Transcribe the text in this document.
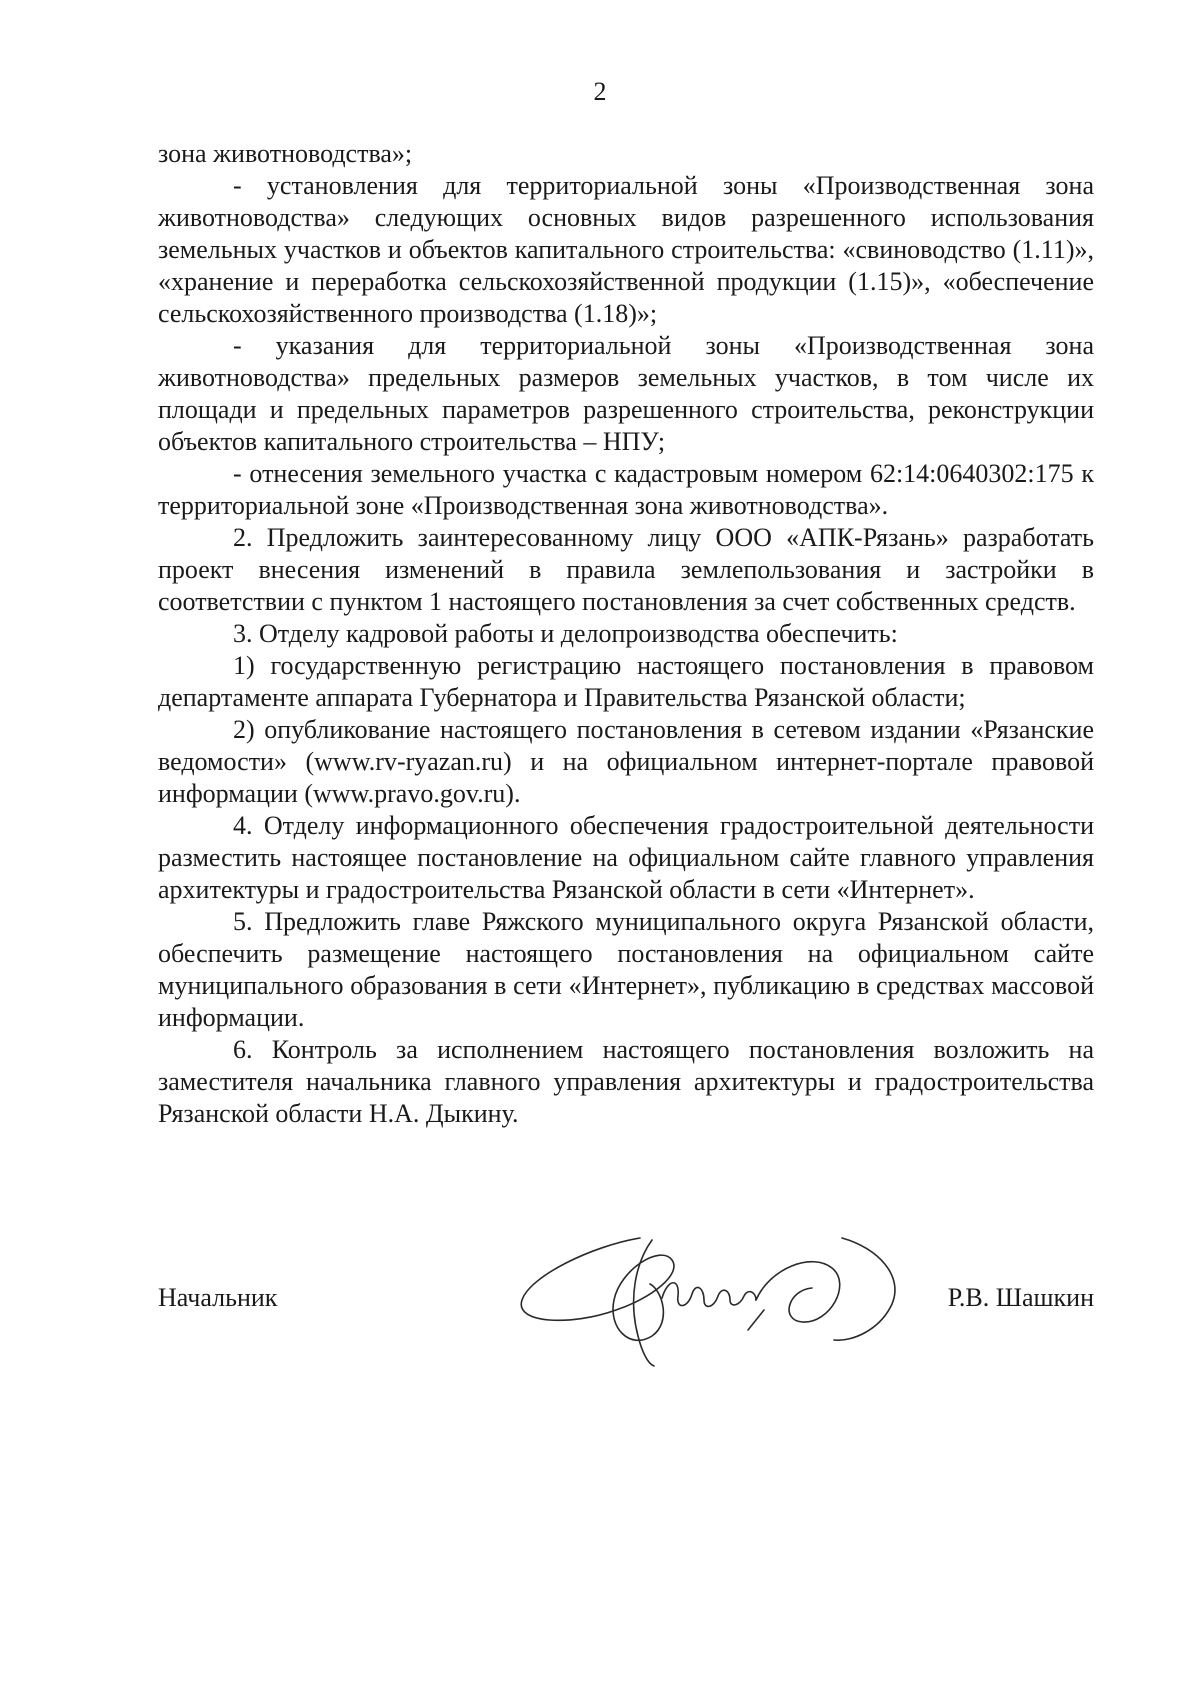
2

зона животноводства»;

- установления для территориальной зоны «Производственная зона животноводства» следующих основных видов разрешенного использования земельных участков и объектов капитального строительства: «свиноводство (1.11)», «хранение и переработка сельскохозяйственной продукции (1.15)», «обеспечение сельскохозяйственного производства (1.18)»;

- указания для территориальной зоны «Производственная зона животноводства» предельных размеров земельных участков, в том числе их площади и предельных параметров разрешенного строительства, реконструкции объектов капитального строительства – НПУ;

- отнесения земельного участка с кадастровым номером 62:14:0640302:175 к территориальной зоне «Производственная зона животноводства».

2. Предложить заинтересованному лицу ООО «АПК-Рязань» разработать проект внесения изменений в правила землепользования и застройки в соответствии с пунктом 1 настоящего постановления за счет собственных средств.

3. Отделу кадровой работы и делопроизводства обеспечить:

1) государственную регистрацию настоящего постановления в правовом департаменте аппарата Губернатора и Правительства Рязанской области;

2) опубликование настоящего постановления в сетевом издании «Рязанские ведомости» (www.rv-ryazan.ru) и на официальном интернет-портале правовой информации (www.pravo.gov.ru).

4. Отделу информационного обеспечения градостроительной деятельности разместить настоящее постановление на официальном сайте главного управления архитектуры и градостроительства Рязанской области в сети «Интернет».

5. Предложить главе Ряжского муниципального округа Рязанской области, обеспечить размещение настоящего постановления на официальном сайте муниципального образования в сети «Интернет», публикацию в средствах массовой информации.

6. Контроль за исполнением настоящего постановления возложить на заместителя начальника главного управления архитектуры и градостроительства Рязанской области Н.А. Дыкину.

Начальник	Р.В. Шашкин
